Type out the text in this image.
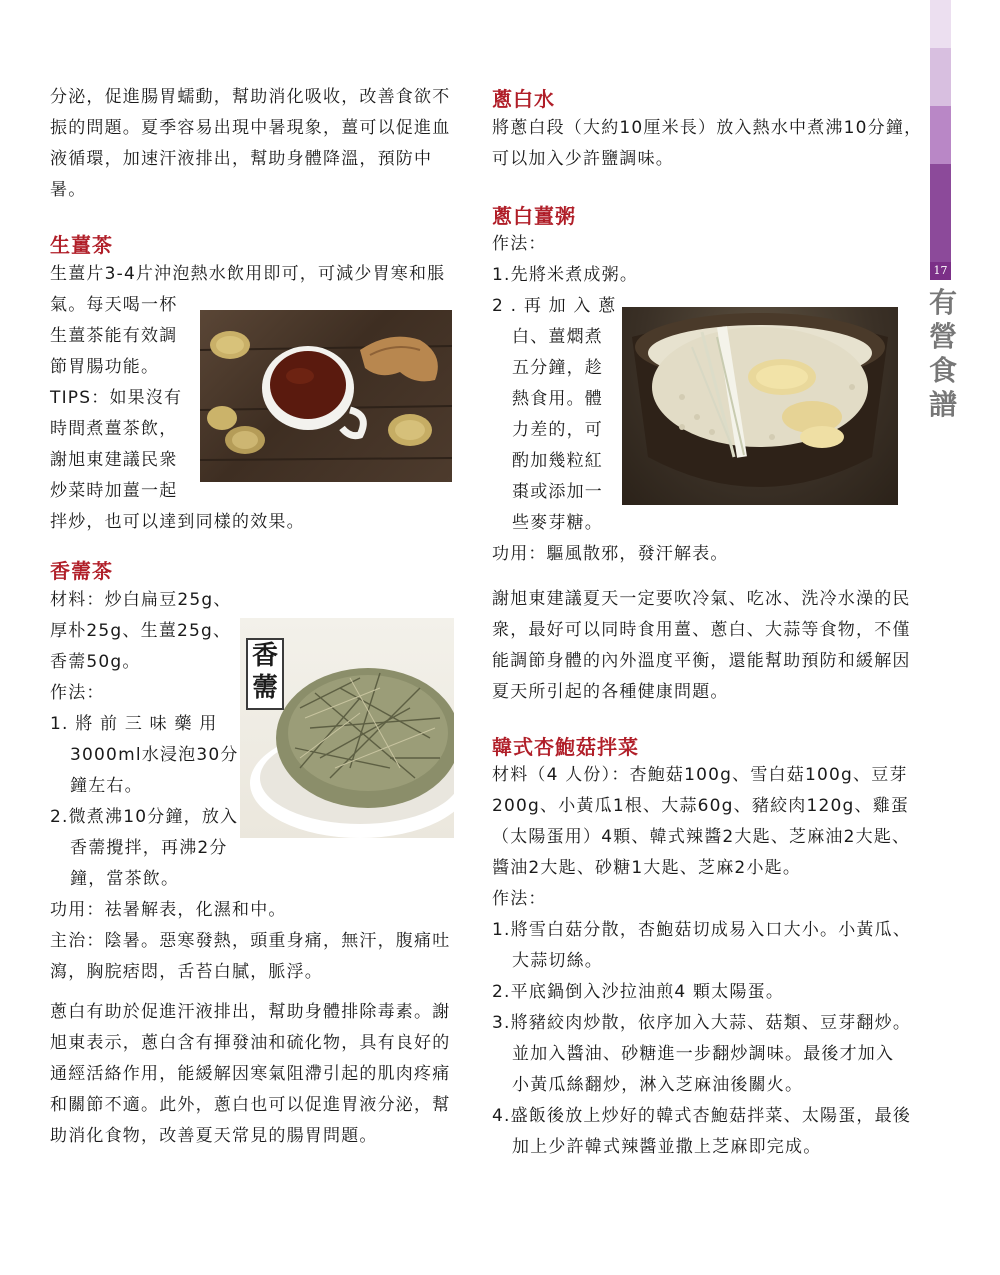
17
有
營
食
譜
分泌，促進腸胃蠕動，幫助消化吸收，改善食欲不
振的問題。夏季容易出現中暑現象，薑可以促進血
液循環，加速汗液排出，幫助身體降溫，預防中
暑。
生薑茶
生薑片3-4片沖泡熱水飲用即可，可減少胃寒和脹
氣。每天喝一杯
生薑茶能有效調
節胃腸功能。
TIPS：如果沒有
時間煮薑茶飲，
謝旭東建議民衆
炒菜時加薑一起
拌炒，也可以達到同樣的效果。
香薷茶
材料：炒白扁豆25g、
厚朴25g、生薑25g、
香薷50g。
作法：
1. 將 前 三 味 藥 用
3000ml水浸泡30分
鐘左右。
2.微煮沸10分鐘，放入
香薷攪拌，再沸2分
鐘，當茶飲。
香
薷
功用：祛暑解表，化濕和中。
主治：陰暑。惡寒發熱，頭重身痛，無汗，腹痛吐
瀉，胸脘痞悶，舌苔白膩，脈浮。
蔥白有助於促進汗液排出，幫助身體排除毒素。謝
旭東表示，蔥白含有揮發油和硫化物，具有良好的
通經活絡作用，能緩解因寒氣阻滯引起的肌肉疼痛
和關節不適。此外，蔥白也可以促進胃液分泌，幫
助消化食物，改善夏天常見的腸胃問題。
蔥白水
將蔥白段（大約10厘米長）放入熱水中煮沸10分鐘，
可以加入少許鹽調味。
蔥白薑粥
作法：
1.先將米煮成粥。
2 . 再 加 入 蔥
白、薑燜煮
五分鐘，趁
熱食用。體
力差的，可
酌加幾粒紅
棗或添加一
些麥芽糖。
功用：驅風散邪，發汗解表。
謝旭東建議夏天一定要吹冷氣、吃冰、洗冷水澡的民
衆，最好可以同時食用薑、蔥白、大蒜等食物，不僅
能調節身體的內外溫度平衡，還能幫助預防和緩解因
夏天所引起的各種健康問題。
韓式杏鮑菇拌菜
材料（4 人份）：杏鮑菇100g、雪白菇100g、豆芽
200g、小黃瓜1根、大蒜60g、豬絞肉120g、雞蛋
（太陽蛋用）4顆、韓式辣醬2大匙、芝麻油2大匙、
醬油2大匙、砂糖1大匙、芝麻2小匙。
作法：
1.將雪白菇分散，杏鮑菇切成易入口大小。小黃瓜、
大蒜切絲。
2.平底鍋倒入沙拉油煎4 顆太陽蛋。
3.將豬絞肉炒散，依序加入大蒜、菇類、豆芽翻炒。
並加入醬油、砂糖進一步翻炒調味。最後才加入
小黃瓜絲翻炒，淋入芝麻油後關火。
4.盛飯後放上炒好的韓式杏鮑菇拌菜、太陽蛋，最後
加上少許韓式辣醬並撒上芝麻即完成。
